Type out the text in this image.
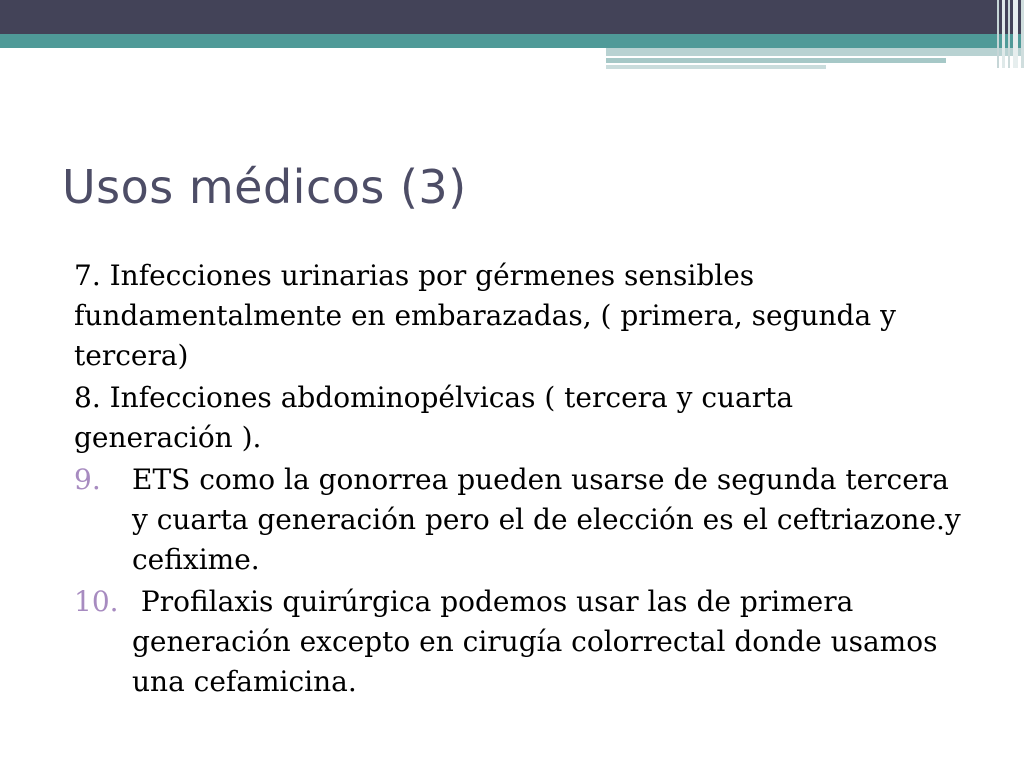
Usos médicos (3)

7. Infecciones urinarias por gérmenes sensibles fundamentalmente en embarazadas, ( primera, segunda y tercera)

8. Infecciones abdominopélvicas ( tercera y cuarta generación ).

9. ETS como la gonorrea pueden usarse de segunda tercera y cuarta generación pero el de elección es el ceftriazone.y cefixime.
10. Profilaxis quirúrgica podemos usar las de primera generación excepto en cirugía colorrectal donde usamos una cefamicina.
